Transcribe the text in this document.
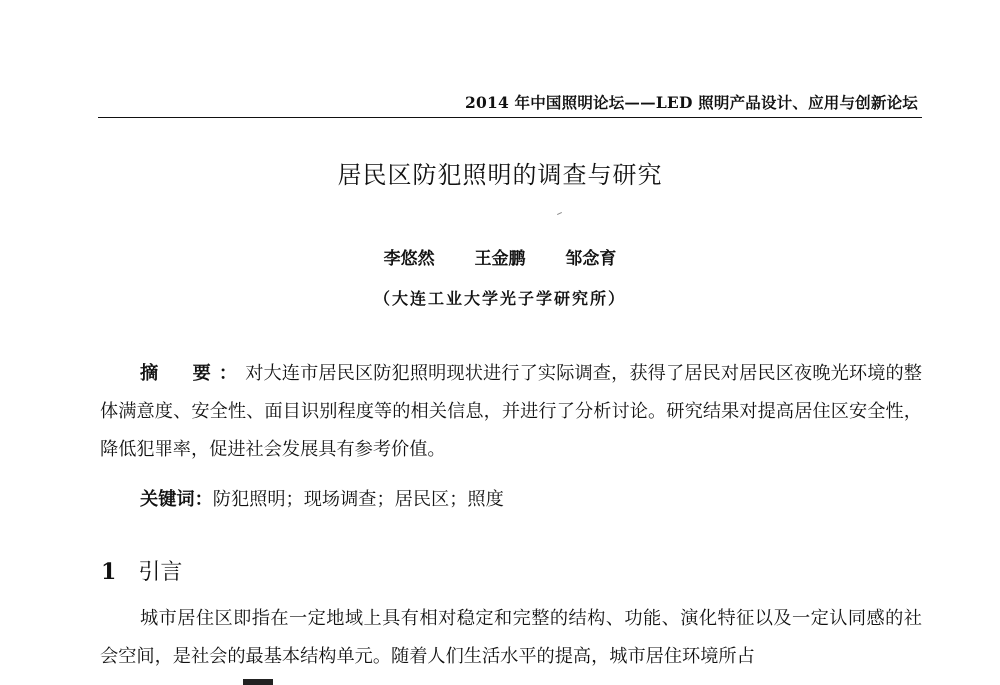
2014 年中国照明论坛——LED 照明产品设计、应用与创新论坛
居民区防犯照明的调查与研究
李悠然 王金鹏 邹念育
（大连工业大学光子学研究所）

摘　要：对大连市居民区防犯照明现状进行了实际调查，获得了居民对居民区夜晚光环境的整体满意度、安全性、面目识别程度等的相关信息，并进行了分析讨论。研究结果对提高居住区安全性，降低犯罪率，促进社会发展具有参考价值。

关键词：防犯照明；现场调查；居民区；照度

1 引言

城市居住区即指在一定地域上具有相对稳定和完整的结构、功能、演化特征以及一定认同感的社会空间，是社会的最基本结构单元。随着人们生活水平的提高，城市居住环境所占
